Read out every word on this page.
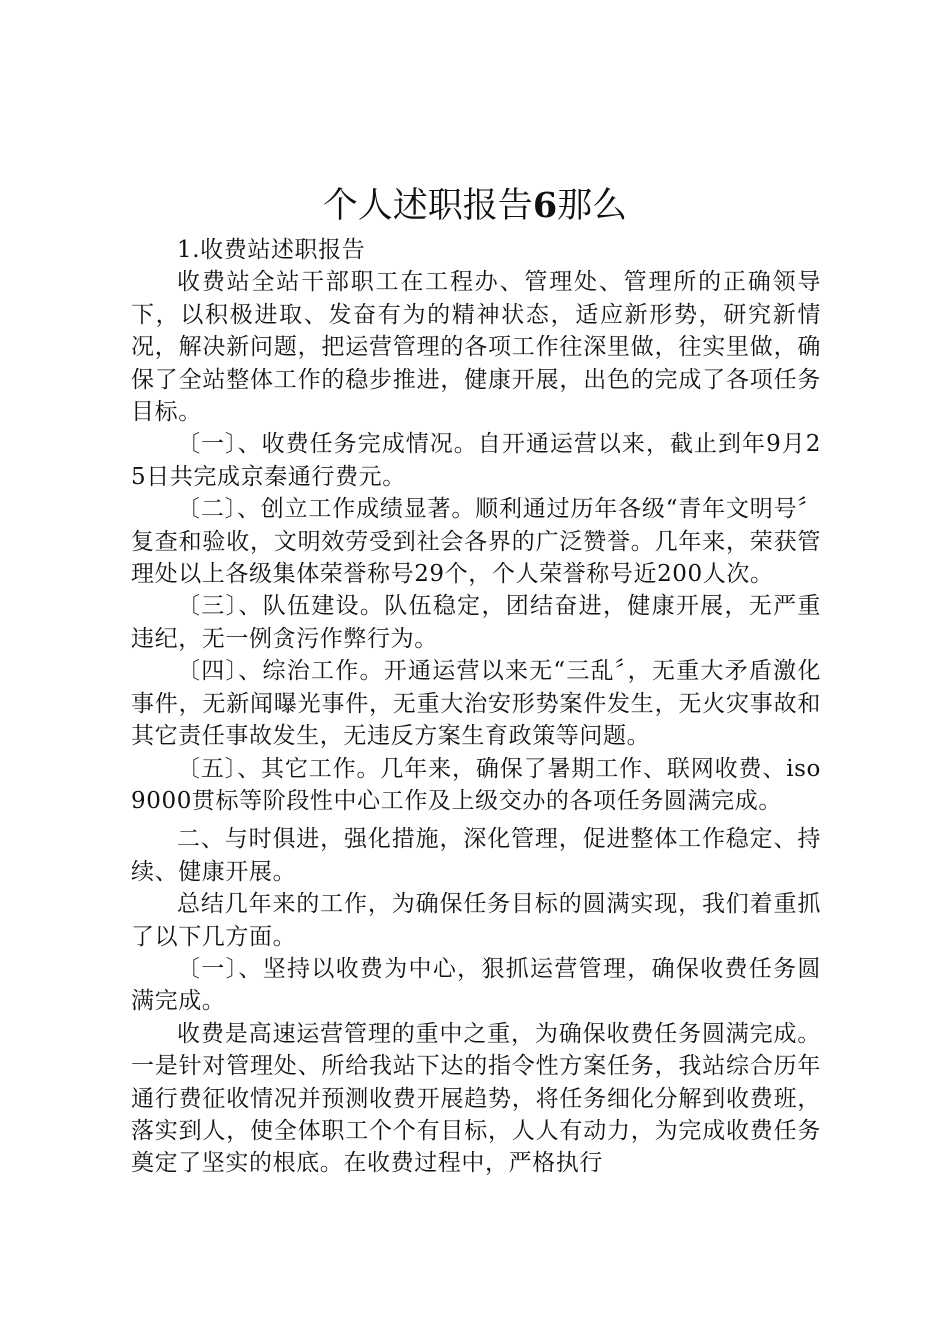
个人述职报告6那么

1.收费站述职报告

收费站全站干部职工在工程办、管理处、管理所的正确领导下，以积极进取、发奋有为的精神状态，适应新形势，研究新情况，解决新问题，把运营管理的各项工作往深里做，往实里做，确保了全站整体工作的稳步推进，健康开展，出色的完成了各项任务目标。

〔一〕、收费任务完成情况。自开通运营以来，截止到年9月25日共完成京秦通行费元。

〔二〕、创立工作成绩显著。顺利通过历年各级“青年文明号〞复查和验收，文明效劳受到社会各界的广泛赞誉。几年来，荣获管理处以上各级集体荣誉称号29个，个人荣誉称号近200人次。

〔三〕、队伍建设。队伍稳定，团结奋进，健康开展，无严重违纪，无一例贪污作弊行为。

〔四〕、综治工作。开通运营以来无“三乱〞，无重大矛盾激化事件，无新闻曝光事件，无重大治安形势案件发生，无火灾事故和其它责任事故发生，无违反方案生育政策等问题。

〔五〕、其它工作。几年来，确保了暑期工作、联网收费、iso9000贯标等阶段性中心工作及上级交办的各项任务圆满完成。

二、与时俱进，强化措施，深化管理，促进整体工作稳定、持续、健康开展。

总结几年来的工作，为确保任务目标的圆满实现，我们着重抓了以下几方面。

〔一〕、坚持以收费为中心，狠抓运营管理，确保收费任务圆满完成。

收费是高速运营管理的重中之重，为确保收费任务圆满完成。一是针对管理处、所给我站下达的指令性方案任务，我站综合历年通行费征收情况并预测收费开展趋势，将任务细化分解到收费班，落实到人，使全体职工个个有目标，人人有动力，为完成收费任务奠定了坚实的根底。在收费过程中，严格执行
